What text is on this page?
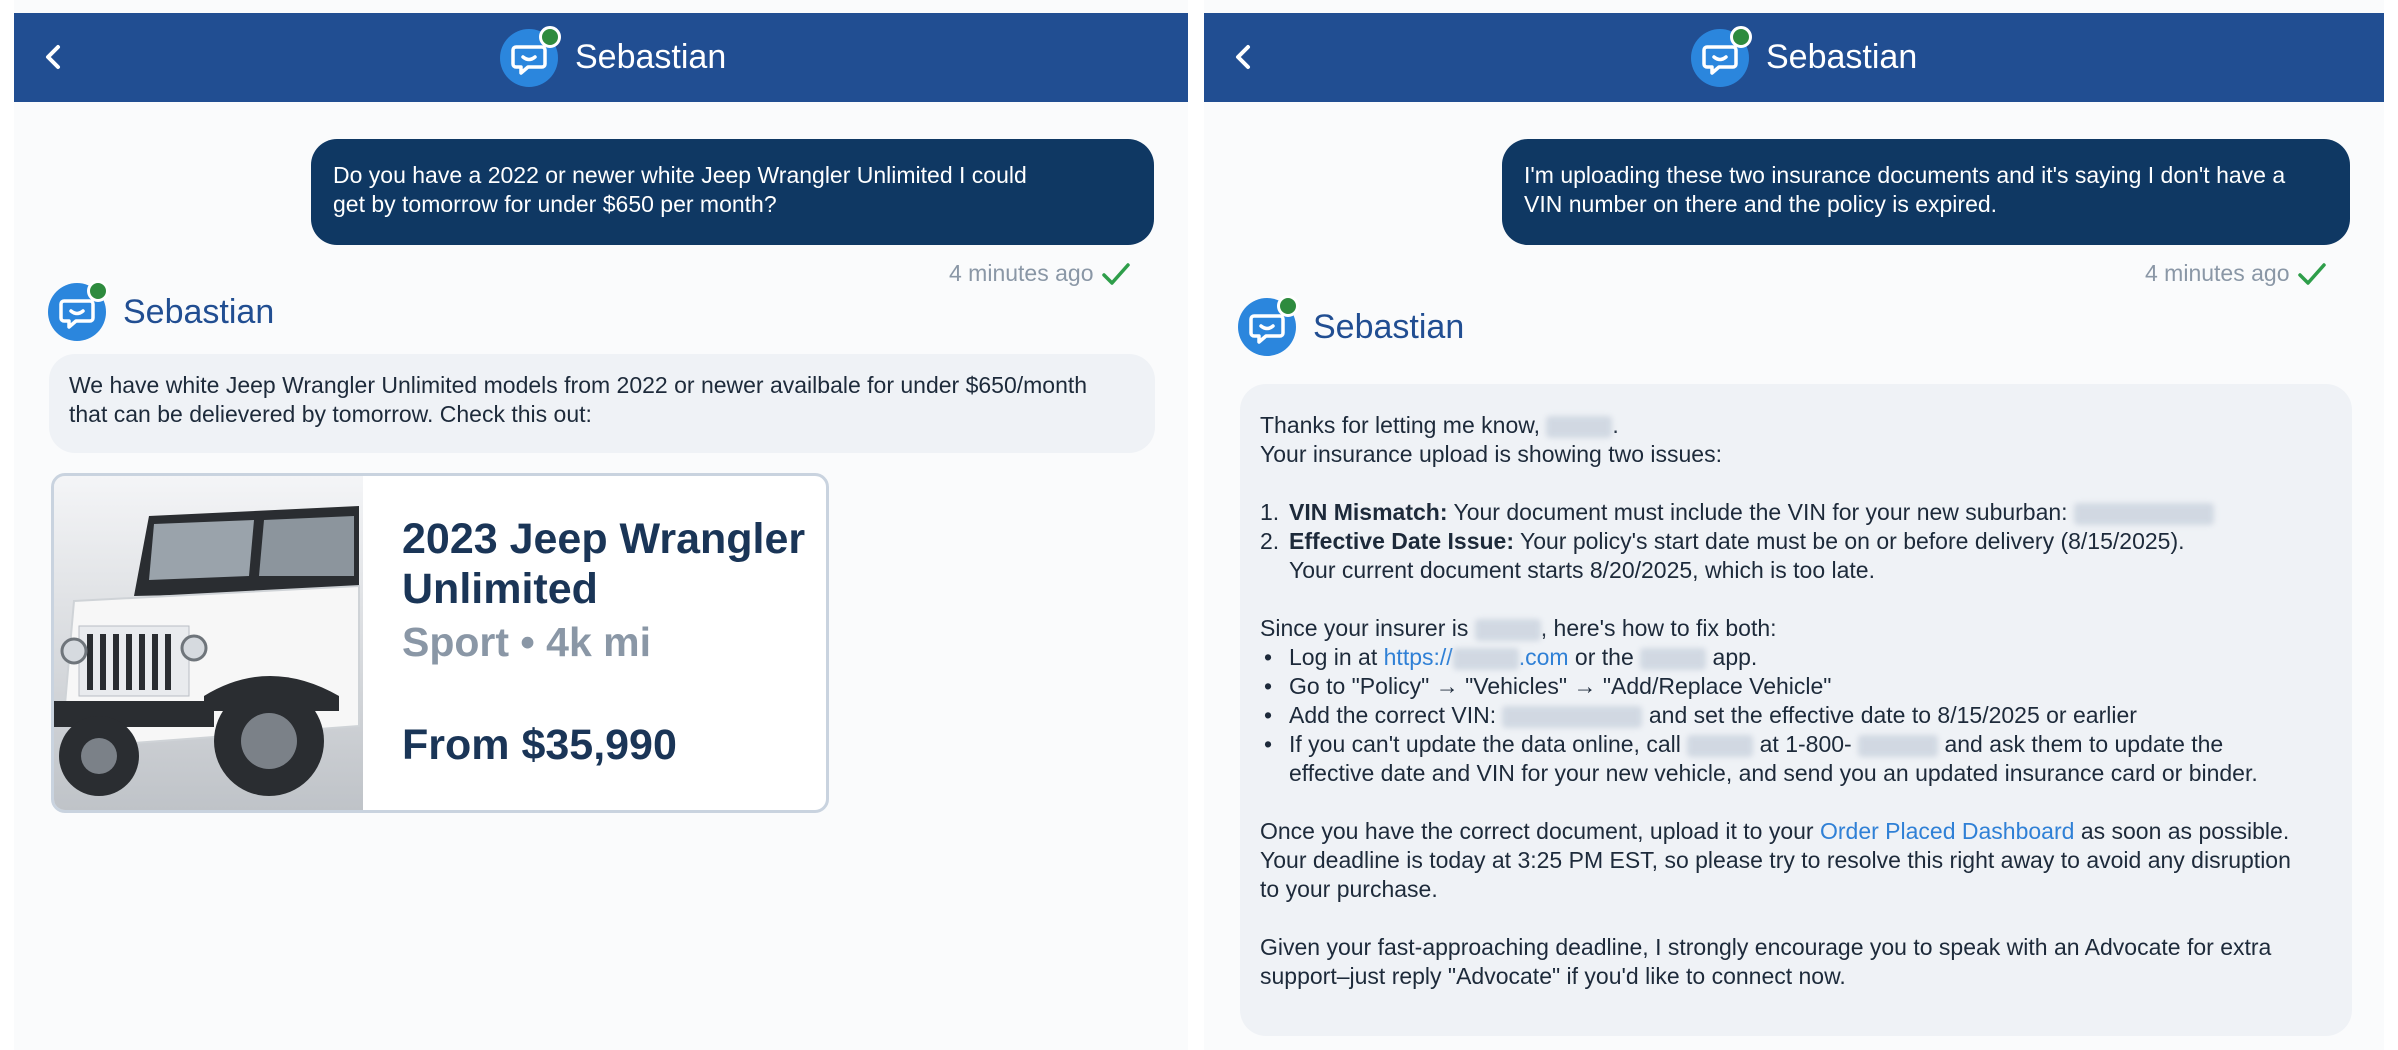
Sebastian
Do you have a 2022 or newer white Jeep Wrangler Unlimited I could get by tomorrow for under $650 per month?
4 minutes ago
Sebastian
We have white Jeep Wrangler Unlimited models from 2022 or newer availbale for under $650/month that can be delievered by tomorrow. Check this out:
2023 Jeep Wrangler Unlimited
Sport • 4k mi
From $35,990
Sebastian
I'm uploading these two insurance documents and it's saying I don't have a VIN number on there and the policy is expired.
4 minutes ago
Sebastian

Thanks for letting me know,	.

Your insurance upload is showing two issues:

1. VIN Mismatch: Your document must include the VIN for your new suburban:
2. Effective Date Issue: Your policy's start date must be on or before delivery (8/15/2025).
Your current document starts 8/20/2025, which is too late.

Since your insurer is	, here's how to fix both:

• Log in at https://	.com or the	app.
• Go to "Policy" → "Vehicles" → "Add/Replace Vehicle"
• Add the correct VIN:	and set the effective date to 8/15/2025 or earlier
• If you can't update the data online, call	at 1-800-	and ask them to update the
effective date and VIN for your new vehicle, and send you an updated insurance card or binder.

Once you have the correct document, upload it to your Order Placed Dashboard as soon as possible.

Your deadline is today at 3:25 PM EST, so please try to resolve this right away to avoid any disruption

to your purchase.

Given your fast-approaching deadline, I strongly encourage you to speak with an Advocate for extra

support–just reply "Advocate" if you'd like to connect now.
